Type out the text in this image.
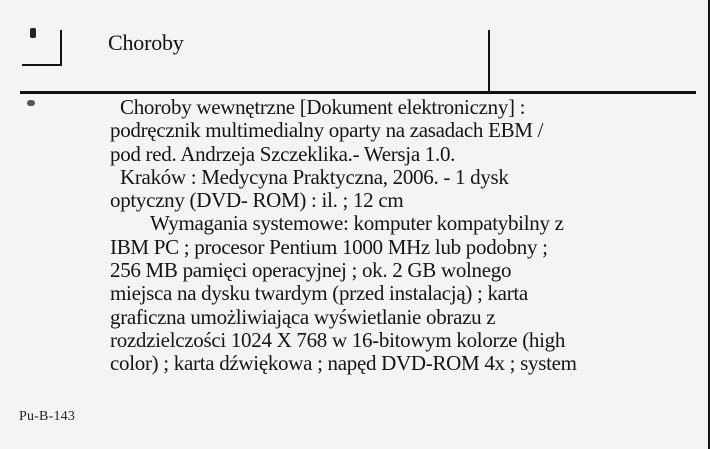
Choroby
Choroby wewnętrzne [Dokument elektroniczny] :
podręcznik multimedialny oparty na zasadach EBM /
pod red. Andrzeja Szczeklika.- Wersja 1.0.
Kraków : Medycyna Praktyczna, 2006. - 1 dysk
optyczny (DVD- ROM) : il. ; 12 cm
Wymagania systemowe: komputer kompatybilny z
IBM PC ; procesor Pentium 1000 MHz lub podobny ;
256 MB pamięci operacyjnej ; ok. 2 GB wolnego
miejsca na dysku twardym (przed instalacją) ; karta
graficzna umożliwiająca wyświetlanie obrazu z
rozdzielczości 1024 X 768 w 16-bitowym kolorze (high
color) ; karta dźwiękowa ; napęd DVD-ROM 4x ; system
Pu-B-143
